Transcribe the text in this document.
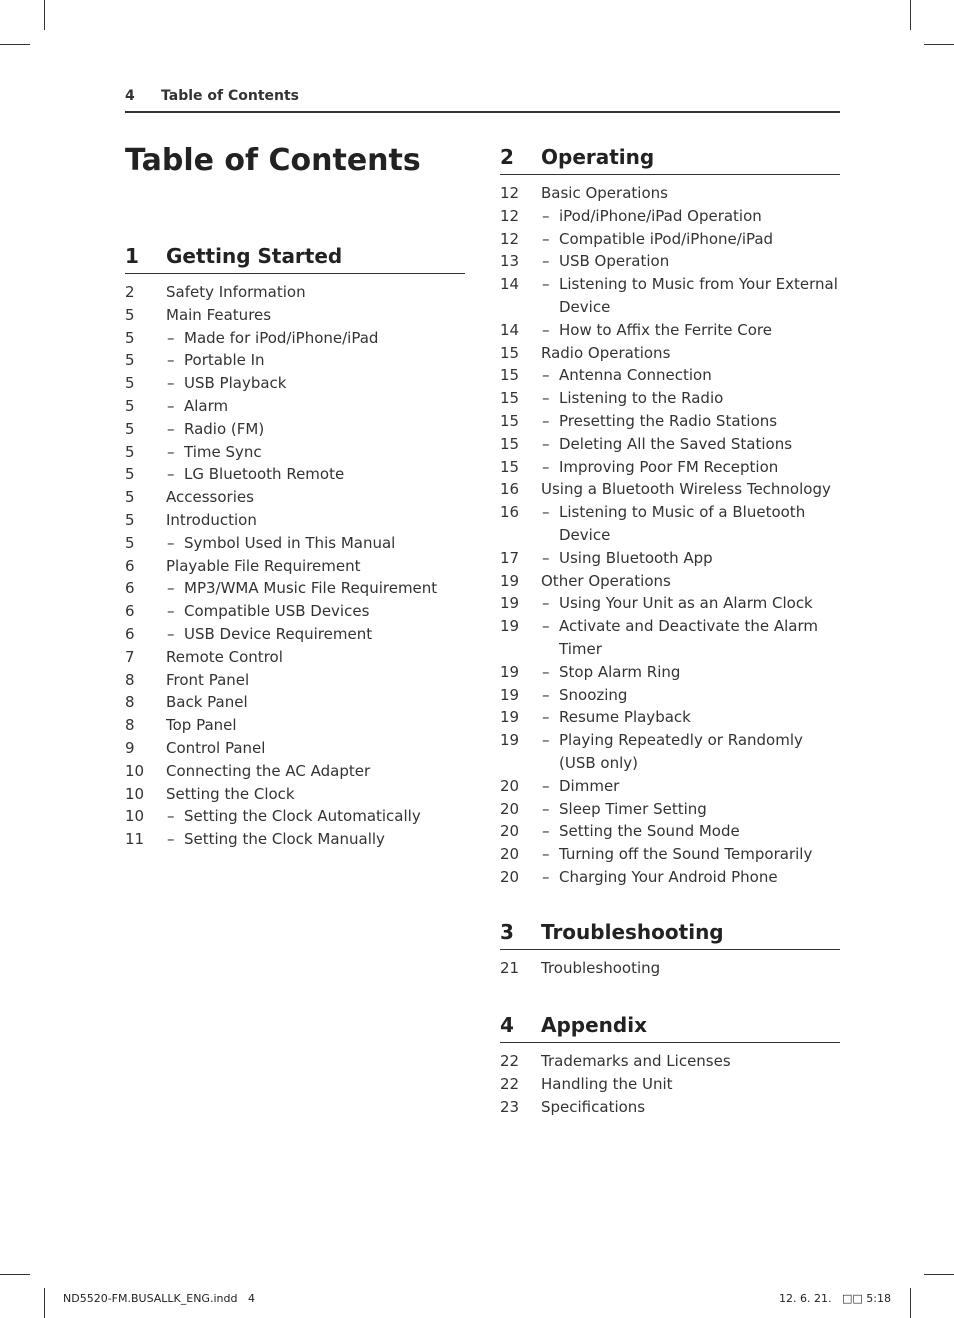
4 Table of Contents
Table of Contents
1 Getting Started
2	Safety Information
5	Main Features
5	– Made for iPod/iPhone/iPad
5	– Portable In
5	– USB Playback
5	– Alarm
5	– Radio (FM)
5	– Time Sync
5	– LG Bluetooth Remote
5	Accessories
5	Introduction
5	– Symbol Used in This Manual
6	Playable File Requirement
6	– MP3/WMA Music File Requirement
6	– Compatible USB Devices
6	– USB Device Requirement
7	Remote Control
8	Front Panel
8	Back Panel
8	Top Panel
9	Control Panel
10	Connecting the AC Adapter
10	Setting the Clock
10	– Setting the Clock Automatically
11	– Setting the Clock Manually
2 Operating
12	Basic Operations
12	– iPod/iPhone/iPad Operation
12	– Compatible iPod/iPhone/iPad
13	– USB Operation
14	– Listening to Music from Your External Device
14	– How to Affix the Ferrite Core
15	Radio Operations
15	– Antenna Connection
15	– Listening to the Radio
15	– Presetting the Radio Stations
15	– Deleting All the Saved Stations
15	– Improving Poor FM Reception
16	Using a Bluetooth Wireless Technology
16	– Listening to Music of a Bluetooth Device
17	– Using Bluetooth App
19	Other Operations
19	– Using Your Unit as an Alarm Clock
19	– Activate and Deactivate the Alarm Timer
19	– Stop Alarm Ring
19	– Snoozing
19	– Resume Playback
19	– Playing Repeatedly or Randomly (USB only)
20	– Dimmer
20	– Sleep Timer Setting
20	– Setting the Sound Mode
20	– Turning off the Sound Temporarily
20	– Charging Your Android Phone
3 Troubleshooting
21	Troubleshooting
4 Appendix
22	Trademarks and Licenses
22	Handling the Unit
23	Specifications
ND5520-FM.BUSALLK_ENG.indd   4	12. 6. 21.   □□ 5:18
